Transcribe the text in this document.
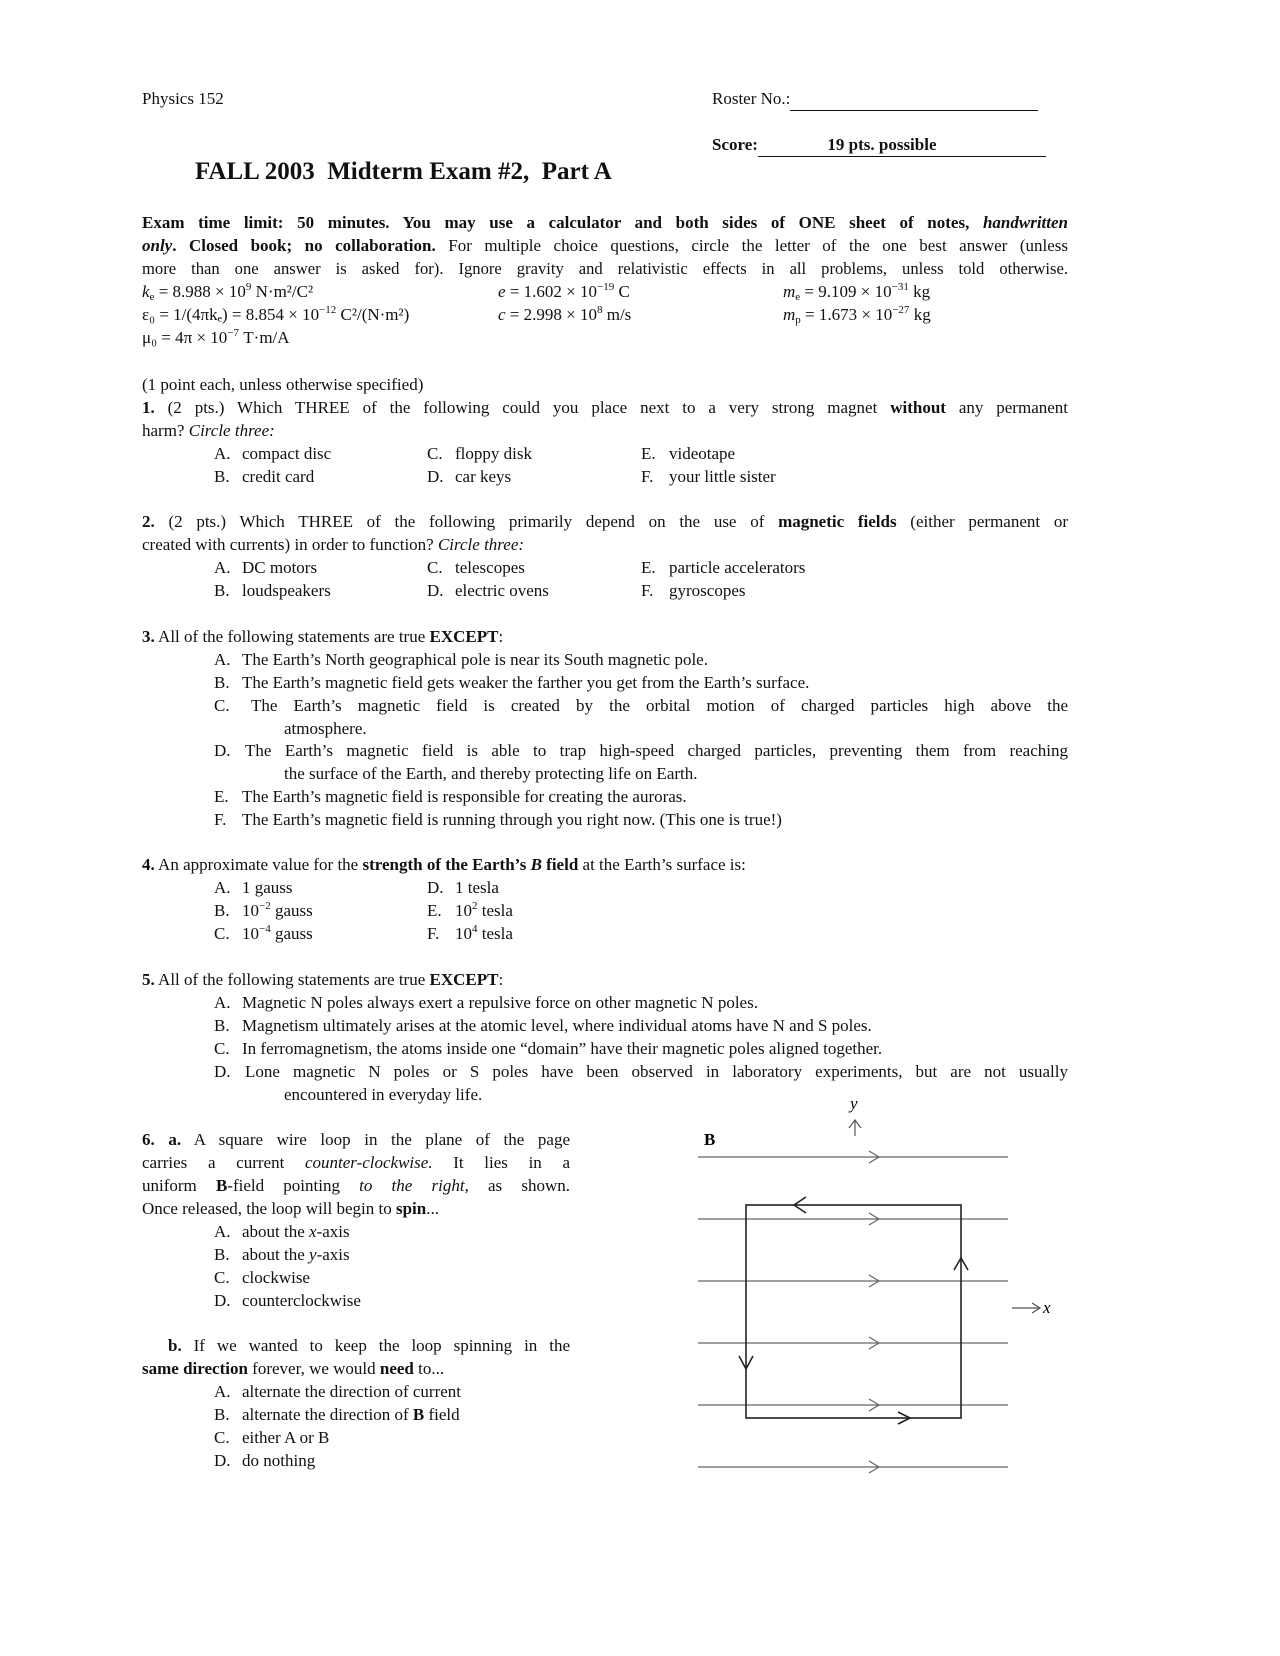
Physics 152	Roster No.:
Score:	19 pts. possible
FALL 2003  Midterm Exam #2,  Part A
Exam time limit: 50 minutes. You may use a calculator and both sides of ONE sheet of notes, handwritten
only. Closed book; no collaboration. For multiple choice questions, circle the letter of the one best answer (unless
more than one answer is asked for). Ignore gravity and relativistic effects in all problems, unless told otherwise.
$k_e = 8.988 \times 10^9$ N·m²/C²	$e = 1.602 \times 10^{-19}$ C	$m_e = 9.109 \times 10^{-31}$ kg
$\varepsilon_0 = 1/(4\pi k_e) = 8.854 \times 10^{-12}$ C²/(N·m²)	$c = 2.998 \times 10^8$ m/s	$m_p = 1.673 \times 10^{-27}$ kg
$\mu_0 = 4\pi \times 10^{-7}$ T·m/A
(1 point each, unless otherwise specified)
1. (2 pts.) Which THREE of the following could you place next to a very strong magnet without any permanent
harm? Circle three:
A. compact disc
B. credit card
C. floppy disk
D. car keys
E. videotape
F. your little sister
2. (2 pts.) Which THREE of the following primarily depend on the use of magnetic fields (either permanent or
created with currents) in order to function? Circle three:
A. DC motors
B. loudspeakers
C. telescopes
D. electric ovens
E. particle accelerators
F. gyroscopes
3. All of the following statements are true EXCEPT:
A. The Earth’s North geographical pole is near its South magnetic pole.
B. The Earth’s magnetic field gets weaker the farther you get from the Earth’s surface.
C. The Earth’s magnetic field is created by the orbital motion of charged particles high above the
atmosphere.
D. The Earth’s magnetic field is able to trap high-speed charged particles, preventing them from reaching
the surface of the Earth, and thereby protecting life on Earth.
E. The Earth’s magnetic field is responsible for creating the auroras.
F. The Earth’s magnetic field is running through you right now. (This one is true!)
4. An approximate value for the strength of the Earth’s B field at the Earth’s surface is:
A. 1 gauss
B. $10^{-2}$ gauss
C. $10^{-4}$ gauss
D. 1 tesla
E. $10^2$ tesla
F. $10^4$ tesla
5. All of the following statements are true EXCEPT:
A. Magnetic N poles always exert a repulsive force on other magnetic N poles.
B. Magnetism ultimately arises at the atomic level, where individual atoms have N and S poles.
C. In ferromagnetism, the atoms inside one “domain” have their magnetic poles aligned together.
D. Lone magnetic N poles or S poles have been observed in laboratory experiments, but are not usually
encountered in everyday life.
6. a. A square wire loop in the plane of the page
carries a current counter-clockwise. It lies in a
uniform B-field pointing to the right, as shown.
Once released, the loop will begin to spin...
A. about the x-axis
B. about the y-axis
C. clockwise
D. counterclockwise
b. If we wanted to keep the loop spinning in the
same direction forever, we would need to...
A. alternate the direction of current
B. alternate the direction of B field
C. either A or B
D. do nothing
B
y
x
